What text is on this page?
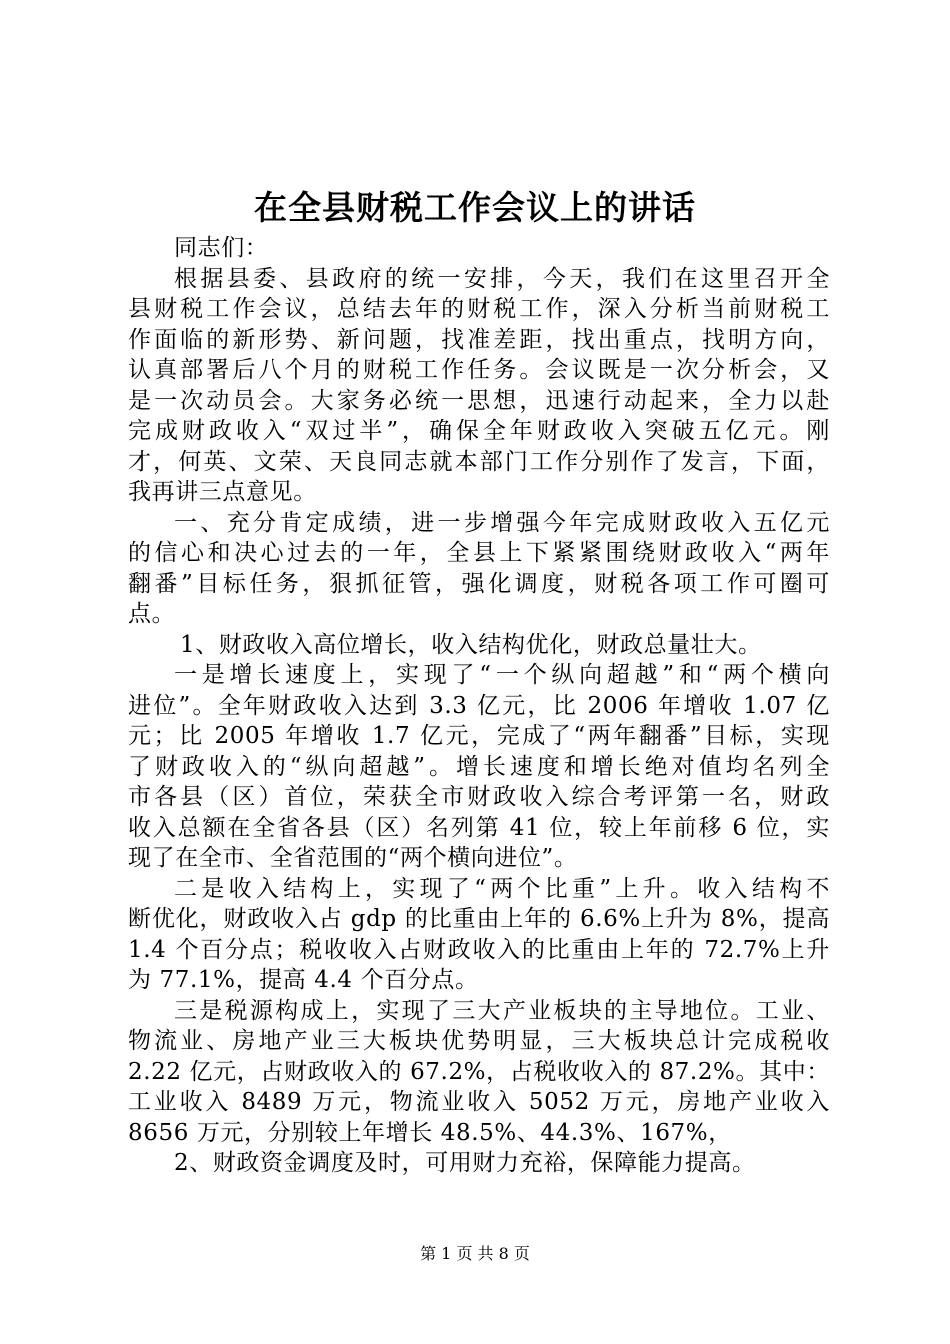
在全县财税工作会议上的讲话
同志们：
根据县委、县政府的统一安排，今天，我们在这里召开全
县财税工作会议，总结去年的财税工作，深入分析当前财税工
作面临的新形势、新问题，找准差距，找出重点，找明方向，
认真部署后八个月的财税工作任务。会议既是一次分析会，又
是一次动员会。大家务必统一思想，迅速行动起来，全力以赴
完成财政收入“双过半”，确保全年财政收入突破五亿元。刚
才，何英、文荣、天良同志就本部门工作分别作了发言，下面，
我再讲三点意见。
一、充分肯定成绩，进一步增强今年完成财政收入五亿元
的信心和决心过去的一年，全县上下紧紧围绕财政收入“两年
翻番”目标任务，狠抓征管，强化调度，财税各项工作可圈可
点。
1、财政收入高位增长，收入结构优化，财政总量壮大。
一是增长速度上，实现了“一个纵向超越”和“两个横向
进位”。全年财政收入达到 3.3 亿元，比 2006 年增收 1.07 亿
元；比 2005 年增收 1.7 亿元，完成了“两年翻番”目标，实现
了财政收入的“纵向超越”。增长速度和增长绝对值均名列全
市各县（区）首位，荣获全市财政收入综合考评第一名，财政
收入总额在全省各县（区）名列第 41 位，较上年前移 6 位，实
现了在全市、全省范围的“两个横向进位”。
二是收入结构上，实现了“两个比重”上升。收入结构不
断优化，财政收入占 gdp 的比重由上年的 6.6%上升为 8%，提高
1.4 个百分点；税收收入占财政收入的比重由上年的 72.7%上升
为 77.1%，提高 4.4 个百分点。
三是税源构成上，实现了三大产业板块的主导地位。工业、
物流业、房地产业三大板块优势明显，三大板块总计完成税收
2.22 亿元，占财政收入的 67.2%，占税收收入的 87.2%。其中：
工业收入 8489 万元，物流业收入 5052 万元，房地产业收入
8656 万元，分别较上年增长 48.5%、44.3%、167%，
2、财政资金调度及时，可用财力充裕，保障能力提高。
第 1 页 共 8 页
